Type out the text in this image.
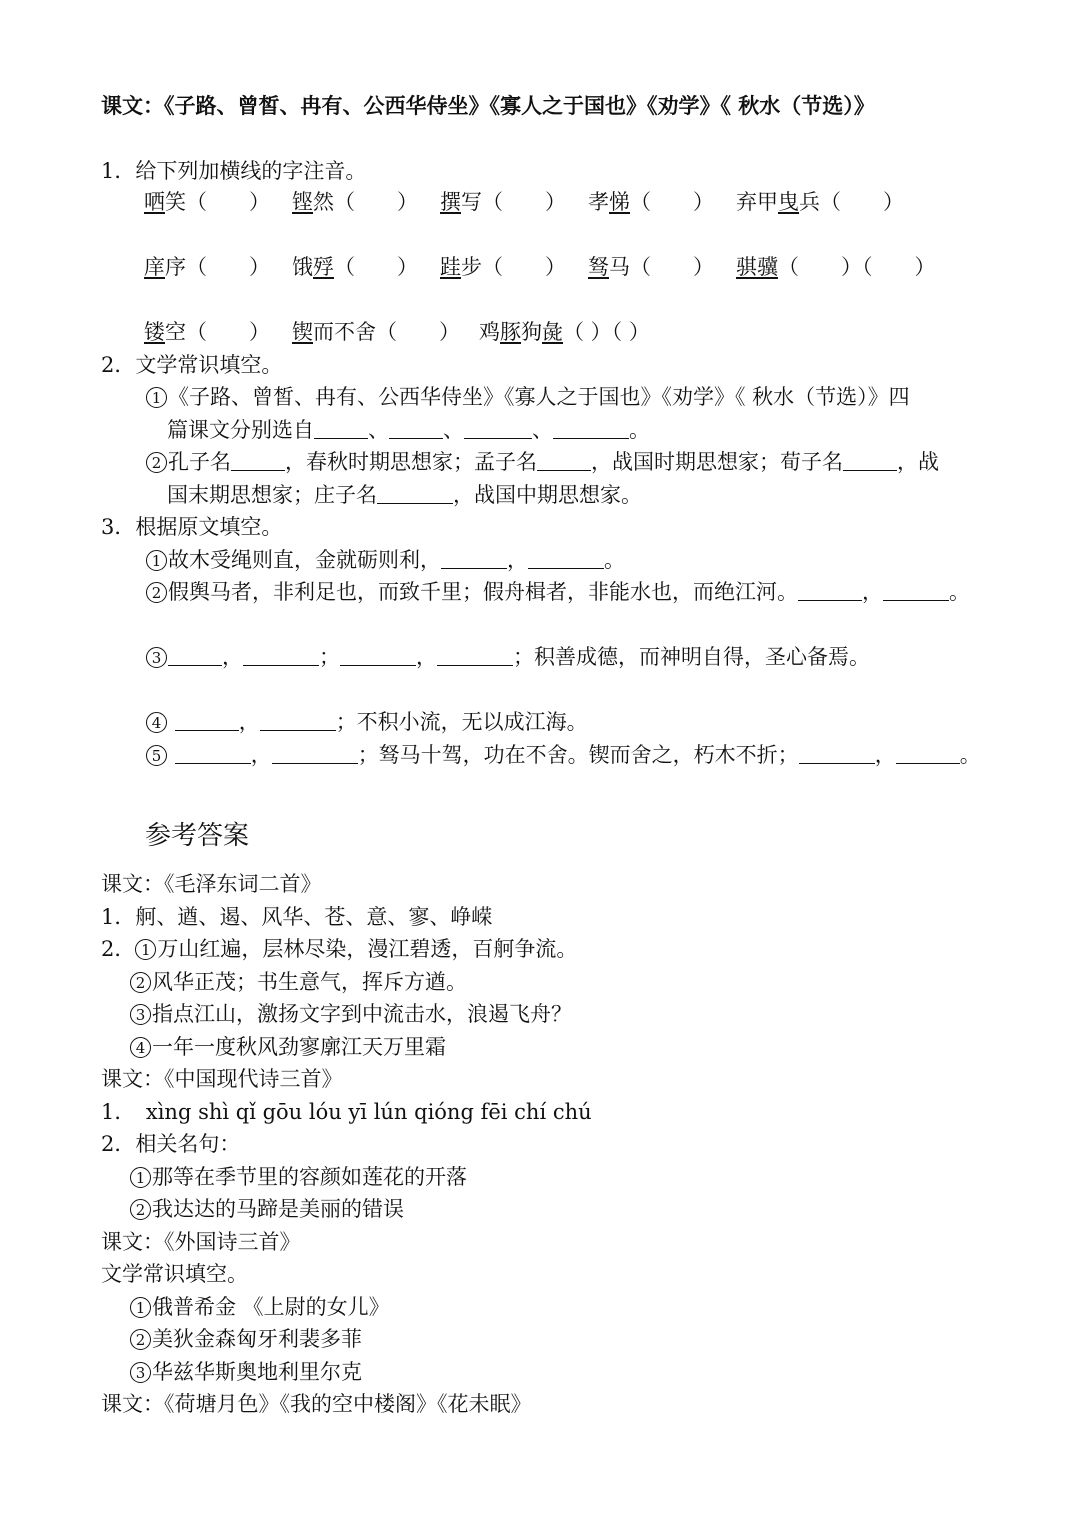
课文：《子路、曾皙、冉有、公西华侍坐》《寡人之于国也》《劝学》《 秋水（节选）》
1．给下列加横线的字注音。
哂笑（　　） 铿然（　　） 撰写（　　） 孝悌（　　） 弃甲曳兵（　　）
庠序（　　） 饿殍（　　） 跬步（　　） 驽马（　　） 骐骥（　　）（　　）
镂空（　　） 锲而不舍（　　） 鸡豚狗彘（ ）（ ）
2．文学常识填空。
1 《子路、曾皙、冉有、公西华侍坐》《寡人之于国也》《劝学》《 秋水（节选）》四
篇课文分别选自	、	、	、	。
2 孔子名	，春秋时期思想家；孟子名	，战国时期思想家；荀子名	，战
国末期思想家；庄子名	，战国中期思想家。
3．根据原文填空。
1 故木受绳则直，金就砺则利，	，	。
2 假舆马者，非利足也，而致千里；假舟楫者，非能水也，而绝江河。	，	。
3	，	；	，	；积善成德，而神明自得，圣心备焉。
4	，	；不积小流，无以成江海。
5	，	；驽马十驾，功在不舍。锲而舍之，朽木不折；	，	。
参考答案
课文：《毛泽东词二首》
1．舸、遒、遏、风华、苍、意、寥、峥嵘
2． 1 万山红遍，层林尽染，漫江碧透，百舸争流。
2 风华正茂；书生意气，挥斥方遒。
3 指点江山，激扬文字到中流击水，浪遏飞舟？
4 一年一度秋风劲寥廓江天万里霜
课文：《中国现代诗三首》
1．　xìng shì qǐ gōu lóu yī lún qióng fēi chí chú
2．相关名句：
1 那等在季节里的容颜如莲花的开落
2 我达达的马蹄是美丽的错误
课文：《外国诗三首》
文学常识填空。
1 俄普希金 《上尉的女儿》
2 美狄金森匈牙利裴多菲
3 华兹华斯奥地利里尔克
课文：《荷塘月色》《我的空中楼阁》《花未眠》
